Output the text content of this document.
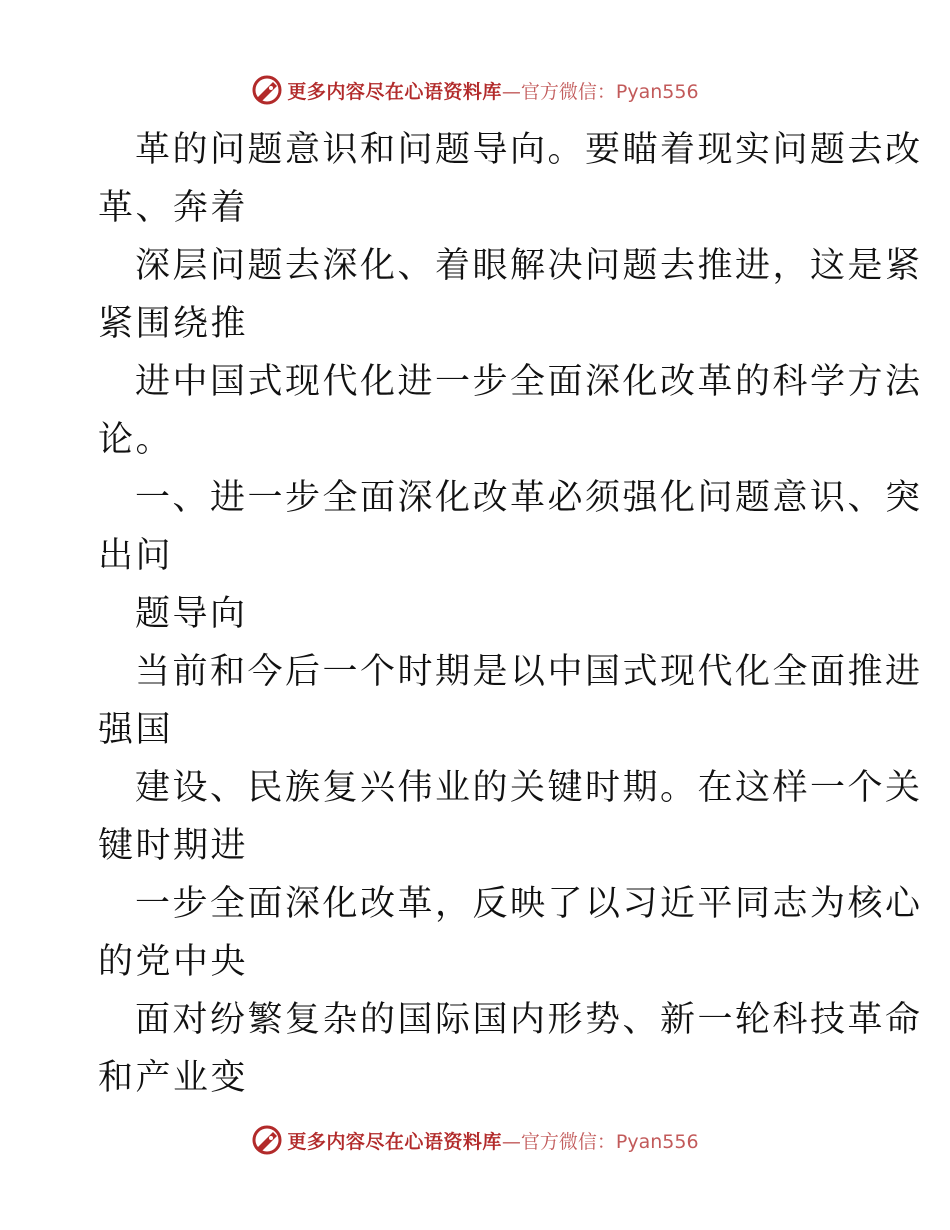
更多内容尽在心语资料库 —官方微信：Pyan556
革的问题意识和问题导向。要瞄着现实问题去改
革、奔着
深层问题去深化、着眼解决问题去推进，这是紧
紧围绕推
进中国式现代化进一步全面深化改革的科学方法
论。
一、进一步全面深化改革必须强化问题意识、突
出问
题导向
当前和今后一个时期是以中国式现代化全面推进
强国
建设、民族复兴伟业的关键时期。在这样一个关
键时期进
一步全面深化改革，反映了以习近平同志为核心
的党中央
面对纷繁复杂的国际国内形势、新一轮科技革命
和产业变
更多内容尽在心语资料库 —官方微信：Pyan556
